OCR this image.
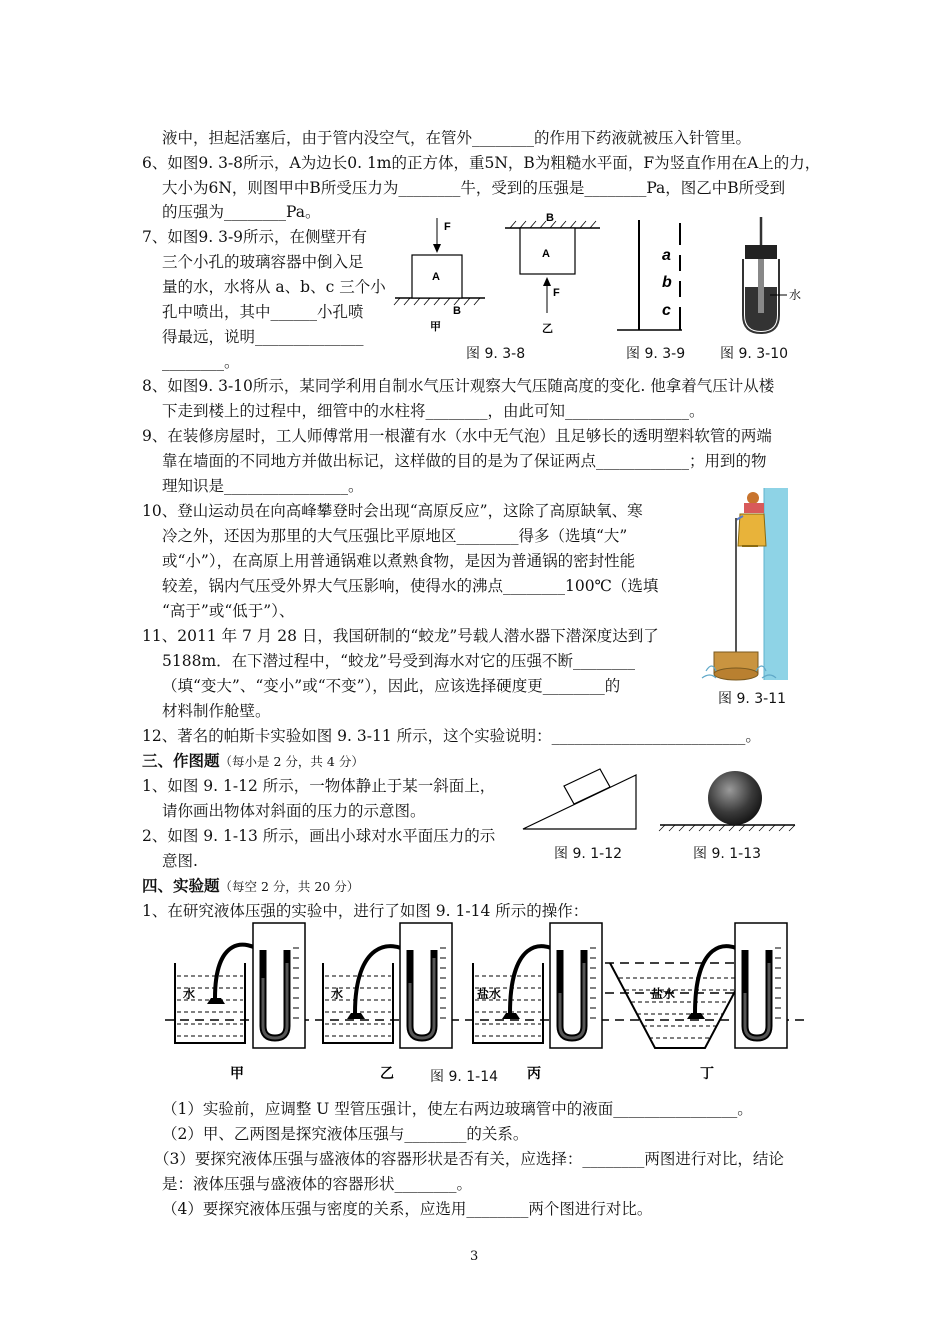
液中，担起活塞后，由于管内没空气，在管外________的作用下药液就被压入针管里。
6、如图9. 3-8所示，A为边长0. 1m的正方体，重5N，B为粗糙水平面，F为竖直作用在A上的力，
大小为6N，则图甲中B所受压力为________牛，受到的压强是________Pa，图乙中B所受到
的压强为________Pa。
7、如图9. 3-9所示，在侧壁开有
三个小孔的玻璃容器中倒入足
量的水，水将从 a、b、c 三个小
孔中喷出，其中______小孔喷
得最远，说明______________
________。
8、如图9. 3-10所示，某同学利用自制水气压计观察大气压随高度的变化. 他拿着气压计从楼
下走到楼上的过程中，细管中的水柱将________，由此可知________________。
9、在装修房屋时，工人师傅常用一根灌有水（水中无气泡）且足够长的透明塑料软管的两端
靠在墙面的不同地方并做出标记，这样做的目的是为了保证两点____________；用到的物
理知识是________________。
10、登山运动员在向高峰攀登时会出现“高原反应”，这除了高原缺氧、寒
冷之外，还因为那里的大气压强比平原地区________得多（选填“大”
或“小”），在高原上用普通锅难以煮熟食物，是因为普通锅的密封性能
较差，锅内气压受外界大气压影响，使得水的沸点________100℃（选填
“高于”或“低于”）、
11、2011 年 7 月 28 日，我国研制的“蛟龙”号载人潜水器下潜深度达到了
5188m．在下潜过程中，“蛟龙”号受到海水对它的压强不断________
（填“变大”、“变小”或“不变”），因此，应该选择硬度更________的
材料制作舱壁。
12、著名的帕斯卡实验如图 9. 3-11 所示，这个实验说明：_________________________。
三、作图题（每小是 2 分，共 4 分）
1、如图 9. 1-12 所示，一物体静止于某一斜面上，
请你画出物体对斜面的压力的示意图。
2、如图 9. 1-13 所示，画出小球对水平面压力的示
意图.
四、实验题（每空 2 分，共 20 分）
1、在研究液体压强的实验中，进行了如图 9. 1-14 所示的操作：
（1）实验前，应调整 U 型管压强计，使左右两边玻璃管中的液面________________。
（2）甲、乙两图是探究液体压强与________的关系。
（3）要探究液体压强与盛液体的容器形状是否有关，应选择：________两图进行对比，结论
是：液体压强与盛液体的容器形状________。
（4）要探究液体压强与密度的关系，应选用________两个图进行对比。
F
A
B
甲
B
A
F
乙
图 9. 3-8
a
b
c
图 9. 3-9
水
图 9. 3-10
图 9. 3-11
图 9. 1-12	图 9. 1-13
水	水	盐水	盐水
甲	乙	丙	丁
图 9. 1-14
3
